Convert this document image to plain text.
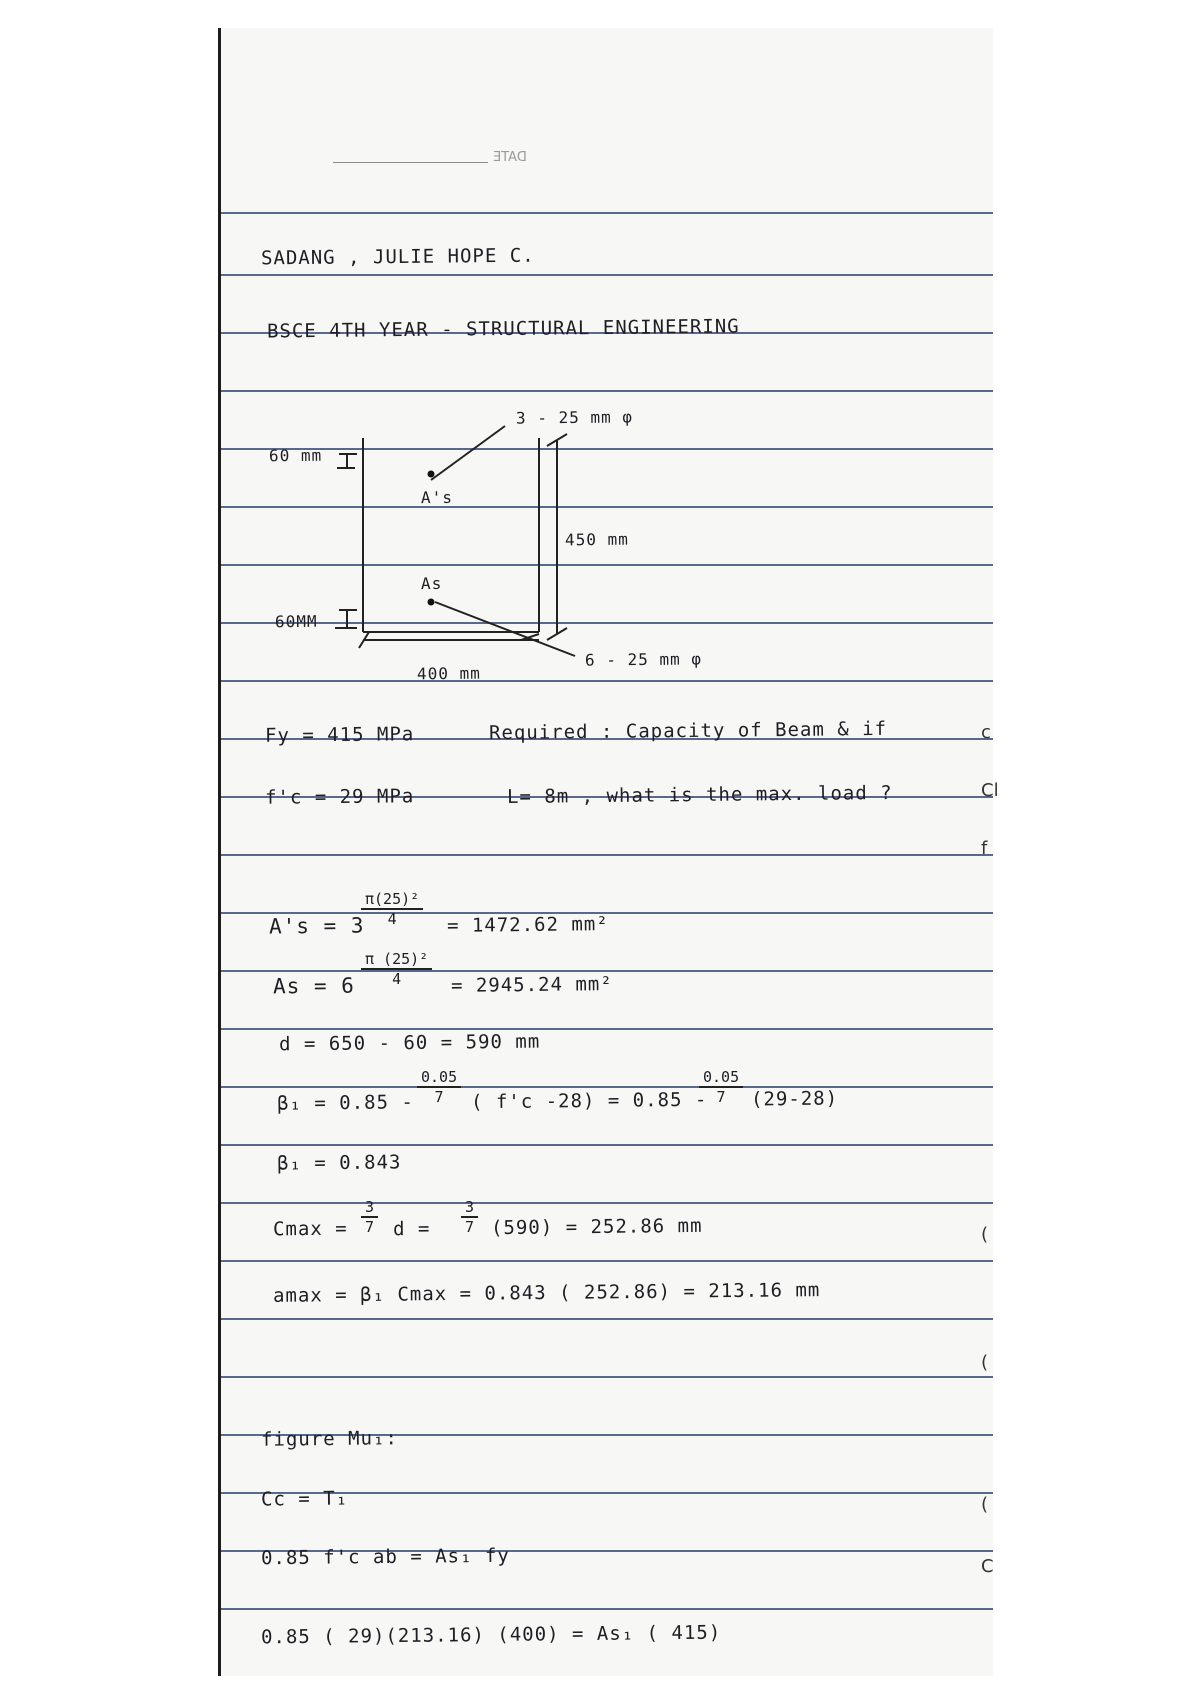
DATE
SADANG , JULIE HOPE C.
BSCE 4TH YEAR - STRUCTURAL ENGINEERING
3 - 25 mm φ
60 mm
A's
450 mm
As
60MM
400 mm
6 - 25 mm φ
Fy = 415 MPa	Required : Capacity of Beam & if
f'c = 29 MPa	L= 8m , what is the max. load ?
A's = 3
$\frac{\text{π(25)²}}{4} = 1472.62$ mm²
$As = 6 \frac{\text{π (25)²}}{4} = 2945.24$ mm²
d = 650 - 60 = 590 mm
$\beta_1 = 0.85 - \frac{0.05}{7}$ ( f'c -28) = 0.85 -
$\frac{0.05}{7} (29-28)$
β₁ = 0.843
$Cmax = \frac{3}{7}$ $d = \frac{3}{7} (590) = 252.86$ mm
amax = β₁ Cmax = 0.843 ( 252.86) = 213.16 mm
figure Mu₁:
Cc = T₁
0.85 f'c ab = As₁ fy
0.85 ( 29)(213.16) (400) = As₁ ( 415)
c
Cl
f
(
(
(
C
